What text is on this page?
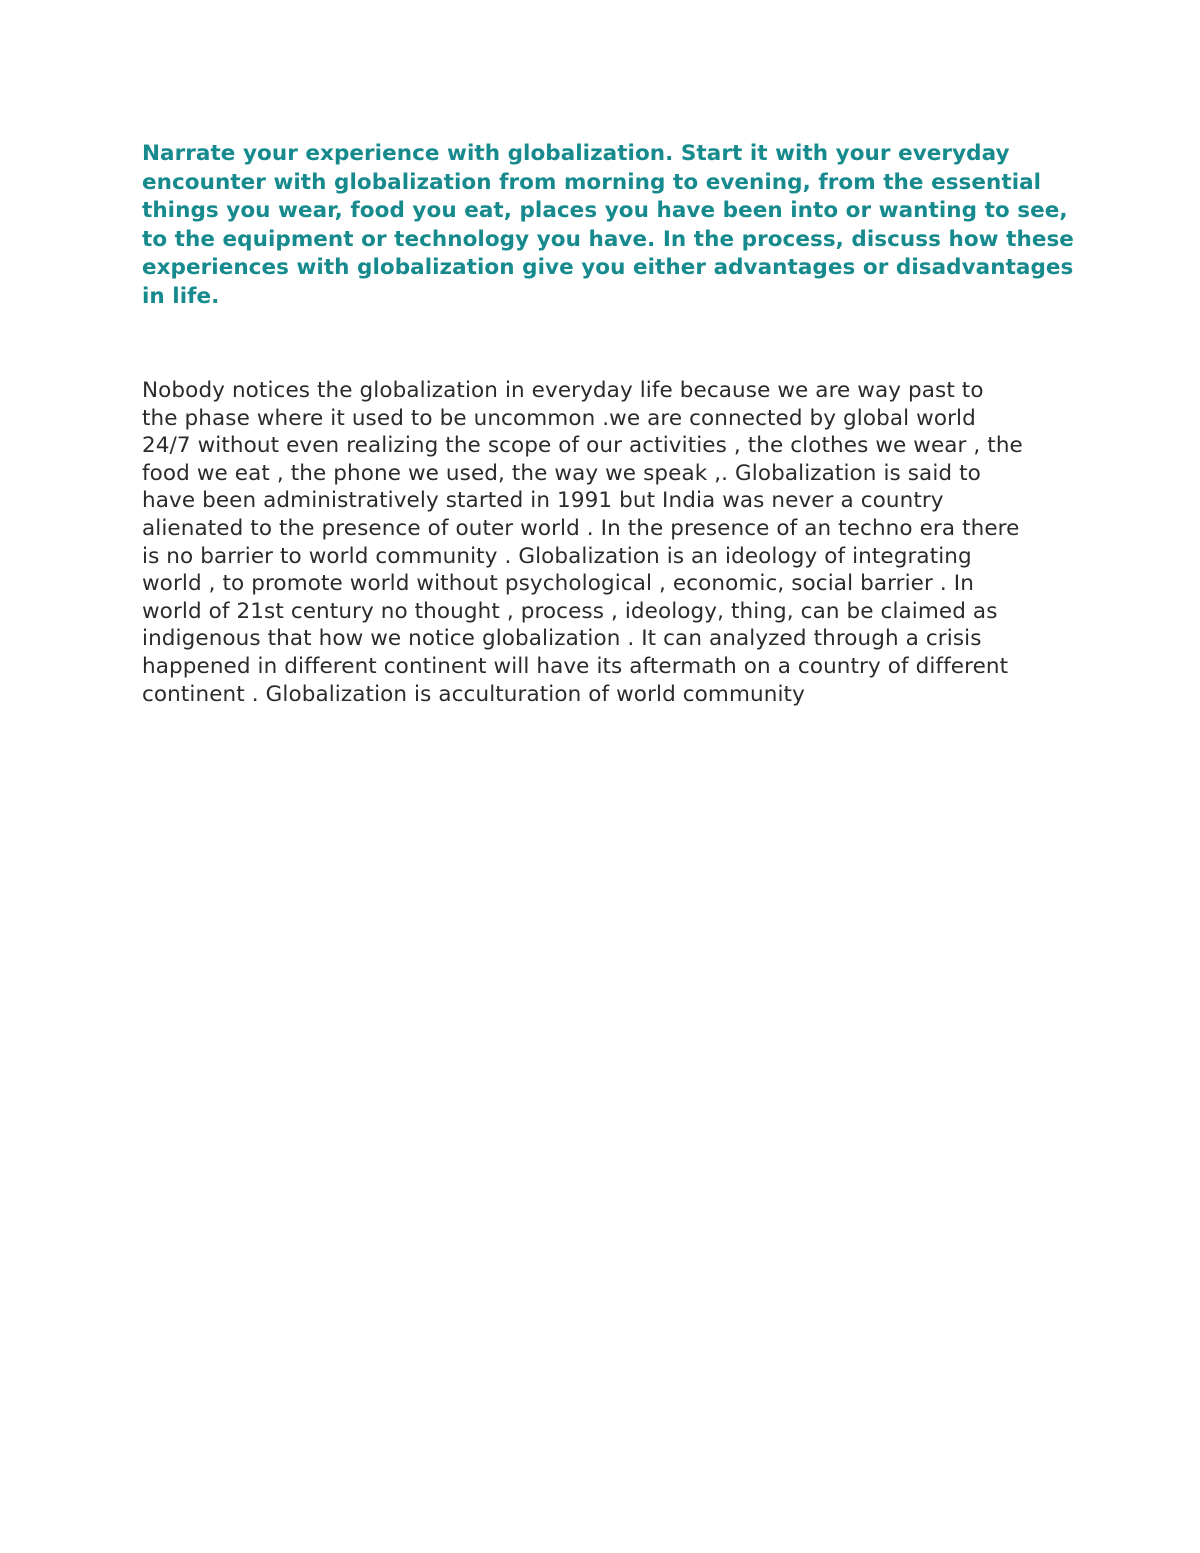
Narrate your experience with globalization. Start it with your everyday
encounter with globalization from morning to evening, from the essential
things you wear, food you eat, places you have been into or wanting to see,
to the equipment or technology you have. In the process, discuss how these
experiences with globalization give you either advantages or disadvantages
in life.

Nobody notices the globalization in everyday life because we are way past to
the phase where it used to be uncommon .we are connected by global world
24/7 without even realizing the scope of our activities , the clothes we wear , the
food we eat , the phone we used, the way we speak ,. Globalization is said to
have been administratively started in 1991 but India was never a country
alienated to the presence of outer world . In the presence of an techno era there
is no barrier to world community . Globalization is an ideology of integrating
world , to promote world without psychological , economic, social barrier . In
world of 21st century no thought , process , ideology, thing, can be claimed as
indigenous that how we notice globalization . It can analyzed through a crisis
happened in different continent will have its aftermath on a country of different
continent . Globalization is acculturation of world community
